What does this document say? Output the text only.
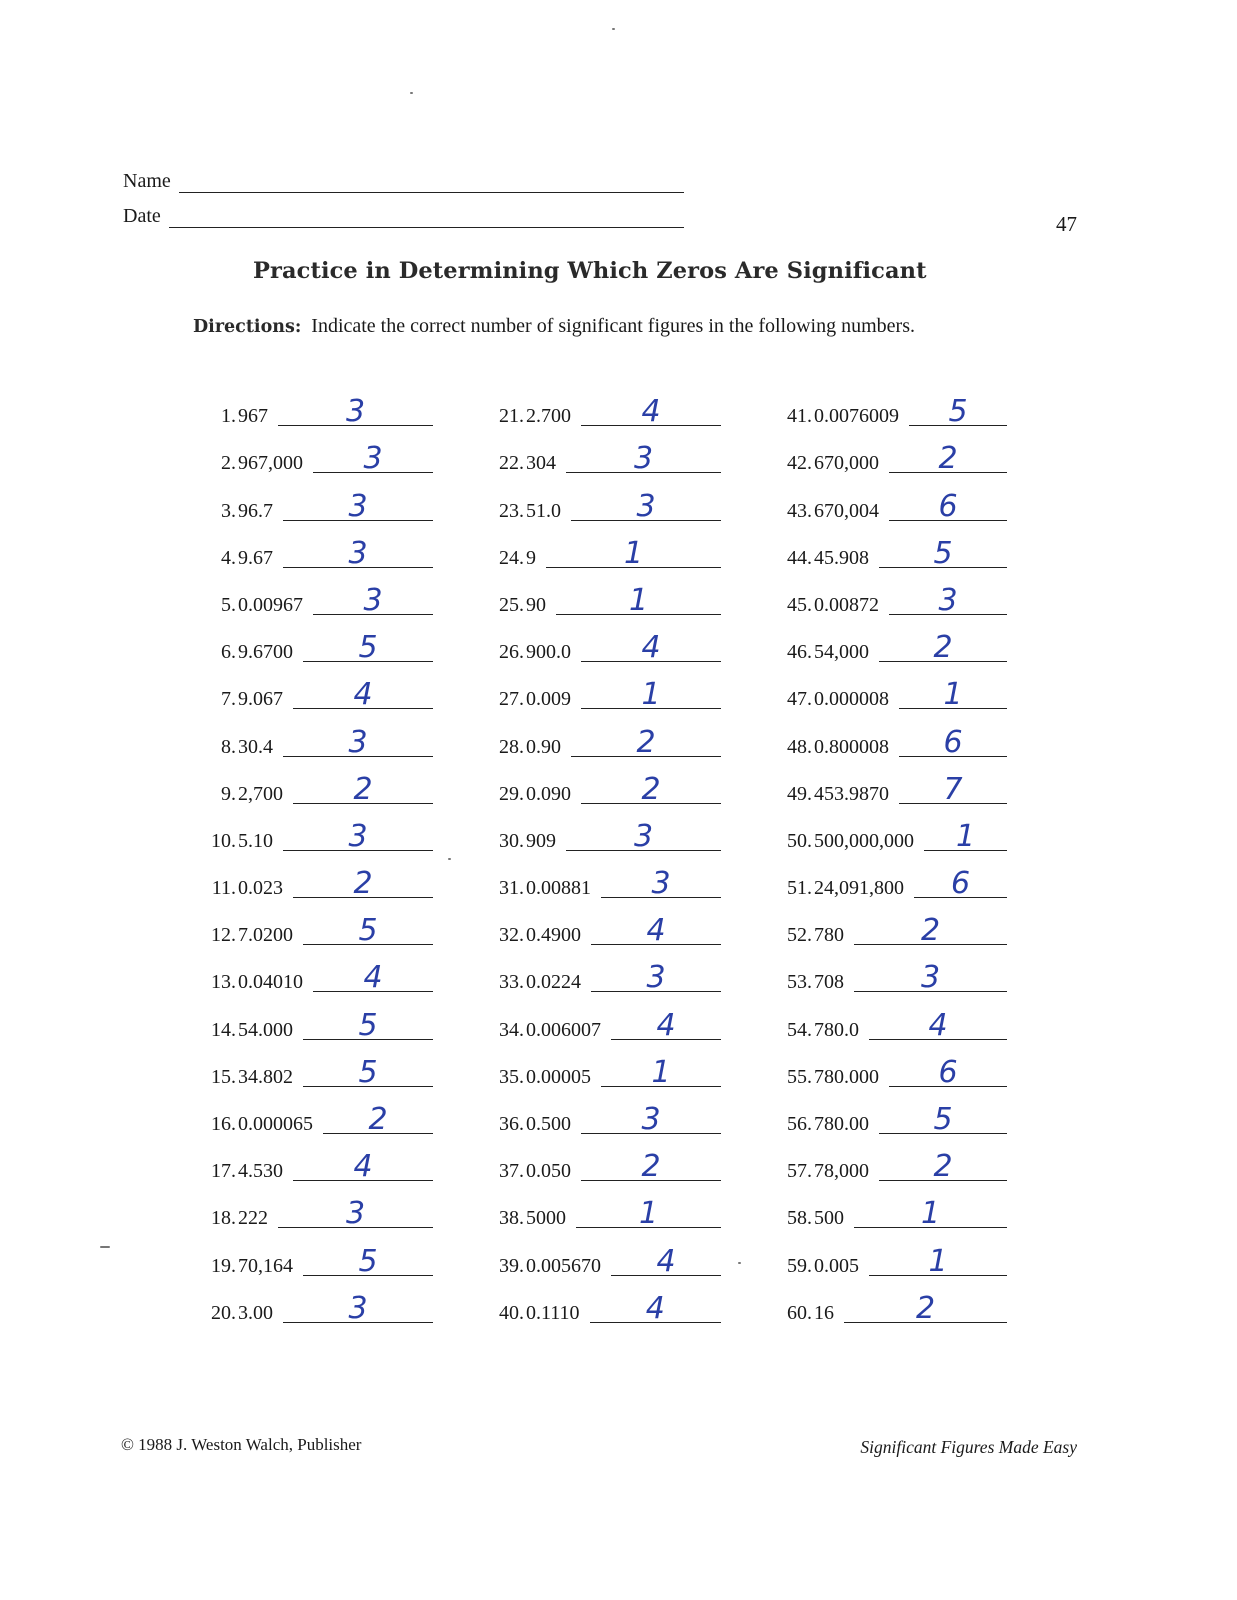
Name
Date	47
Practice in Determining Which Zeros Are Significant
Directions: Indicate the correct number of significant figures in the following numbers.
1. 967	3
2. 967,000 3
3. 96.7	3
4. 9.67	3
5. 0.00967 3
6. 9.6700 5
7. 9.067 4
8. 30.4	3
9. 2,700 2
10. 5.10	3
11. 0.023 2
12. 7.0200 5
13. 0.04010 4
14. 54.000 5
15. 34.802 5
16. 0.000065 2
17. 4.530 4
18. 222	3
19. 70,164 5
20. 3.00	3
21. 2.700 4
22. 304	3
23. 51.0	3
24. 9	1
25. 90	1
26. 900.0 4
27. 0.009 1
28. 0.90	2
29. 0.090 2
30. 909	3
31. 0.00881 3
32. 0.4900 4
33. 0.0224 3
34. 0.006007 4
35. 0.00005 1
36. 0.500 3
37. 0.050 2
38. 5000 1
39. 0.005670 4
40. 0.1110 4
41. 0.0076009 5
42. 670,000 2
43. 670,004 6
44. 45.908 5
45. 0.00872 3
46. 54,000 2
47. 0.000008 1
48. 0.800008 6
49. 453.9870 7
50. 500,000,000 1
51. 24,091,800 6
52. 780	2
53. 708	3
54. 780.0 4
55. 780.000 6
56. 780.00 5
57. 78,000 2
58. 500	1
59. 0.005 1
60. 16	2
© 1988 J. Weston Walch, Publisher	Significant Figures Made Easy
